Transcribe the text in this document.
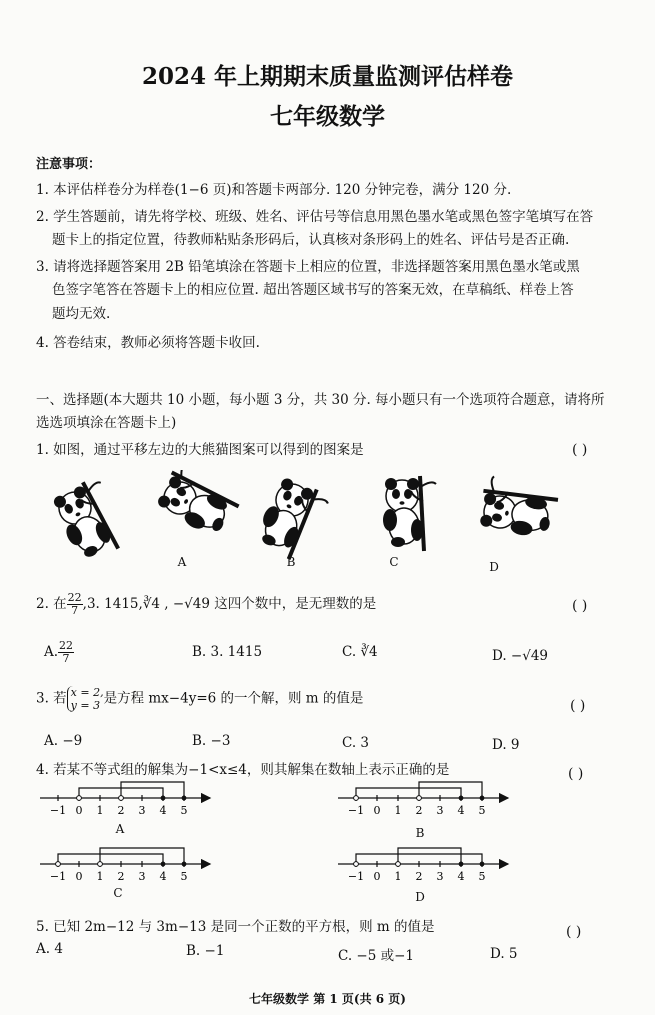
2024 年上期期末质量监测评估样卷
七年级数学
注意事项：
1. 本评估样卷分为样卷(1−6 页)和答题卡两部分. 120 分钟完卷，满分 120 分.
2. 学生答题前，请先将学校、班级、姓名、评估号等信息用黑色墨水笔或黑色签字笔填写在答
题卡上的指定位置，待教师粘贴条形码后，认真核对条形码上的姓名、评估号是否正确.
3. 请将选择题答案用 2B 铅笔填涂在答题卡上相应的位置，非选择题答案用黑色墨水笔或黑
色签字笔答在答题卡上的相应位置. 超出答题区域书写的答案无效，在草稿纸、样卷上答
题均无效.
4. 答卷结束，教师必须将答题卡收回.
一、选择题(本大题共 10 小题，每小题 3 分，共 30 分. 每小题只有一个选项符合题意，请将所
选选项填涂在答题卡上)
1. 如图，通过平移左边的大熊猫图案可以得到的图案是	( )
A	B	C	D
2. 在 $\frac{22}{7} ,3$. 1415,∛4 , −√49 这四个数中，是无理数的是	( )
A. $\frac{22}{7}$	B. 3. 1415	C. ∛4	D. −√49
3. 若 x = 2,
y = 3 是方程 mx−4y=6 的一个解，则 m 的值是	( )
A. −9	B. −3	C. 3	D. 9
4. 若某不等式组的解集为−1<x≤4，则其解集在数轴上表示正确的是	( )
−1 0 1 2 3 4 5	−1 0 1 2 3 4 5
−1 0 1 2 3 4 5	−1 0 1 2 3 4 5
A	B
C	D
5. 已知 2m−12 与 3m−13 是同一个正数的平方根，则 m 的值是	( )
A. 4	B. −1	C. −5 或−1	D. 5
七年级数学 第 1 页(共 6 页)
